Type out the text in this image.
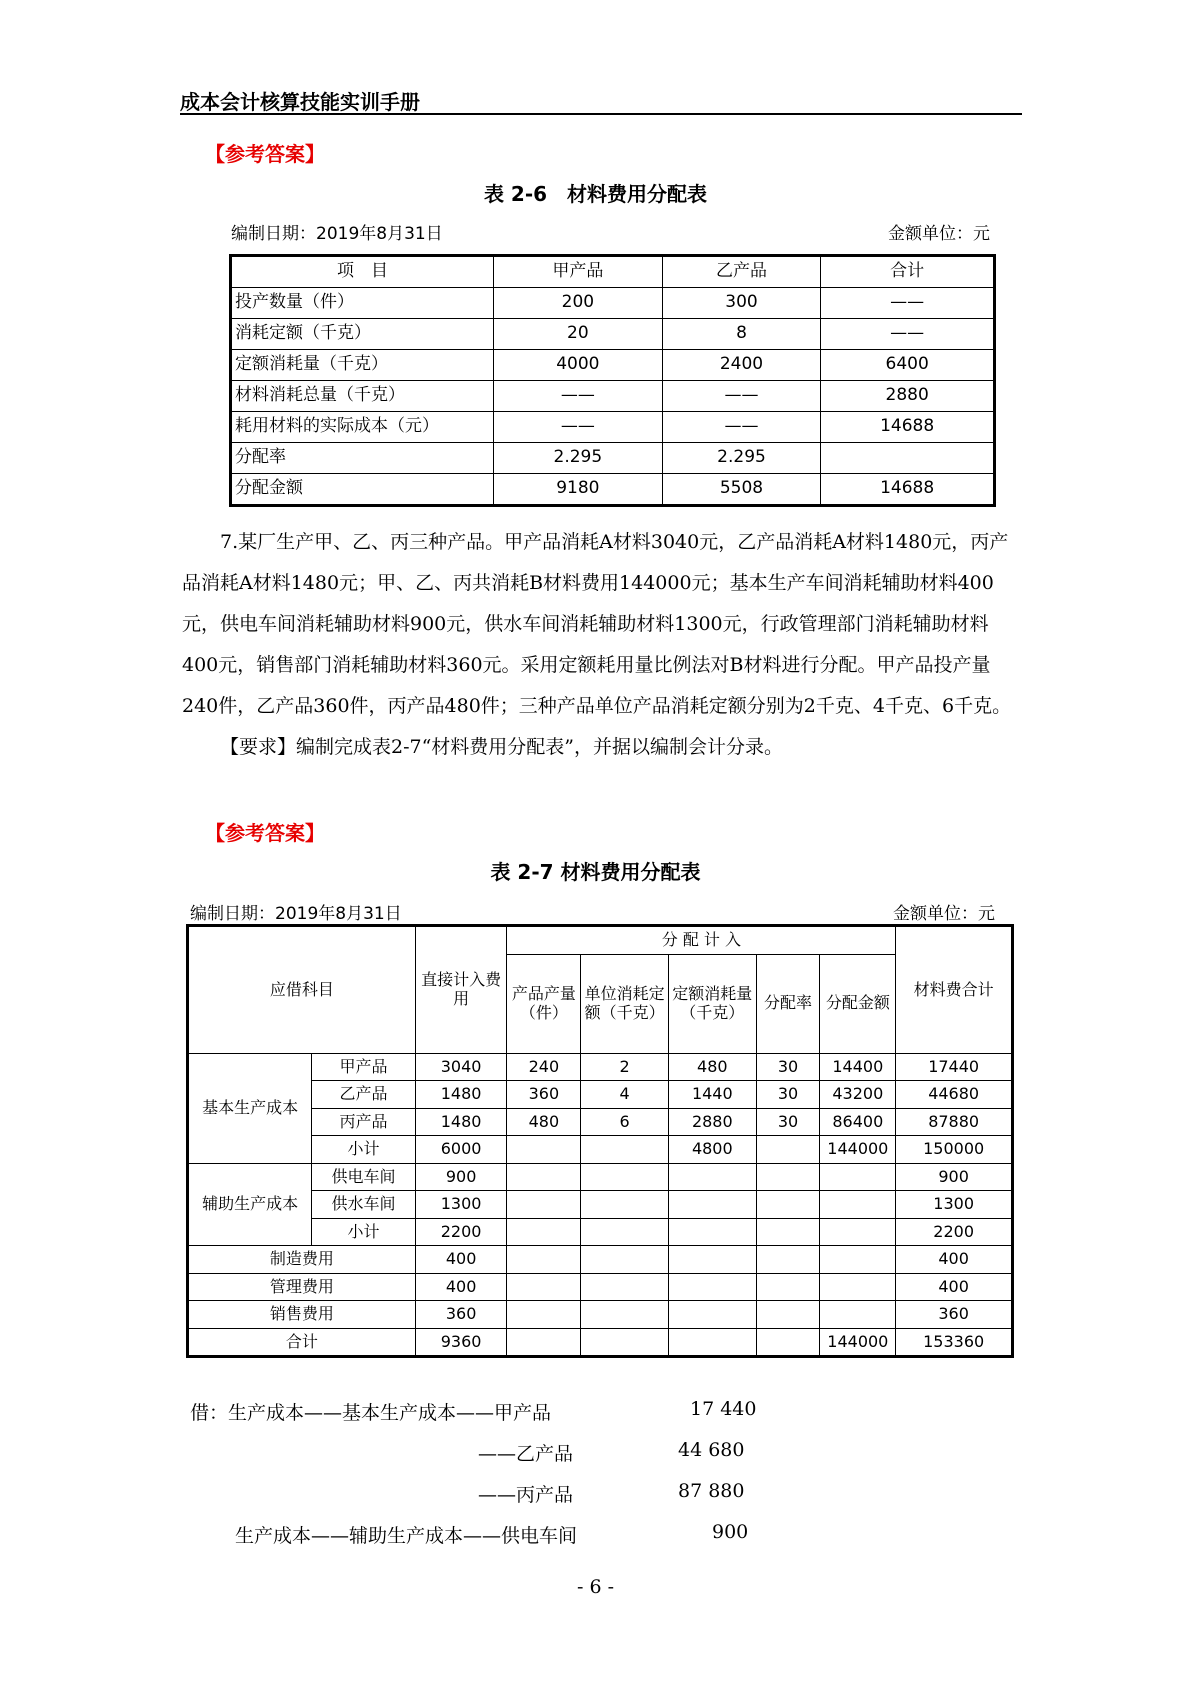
成本会计核算技能实训手册
【参考答案】
表 2-6　材料费用分配表
编制日期：2019年8月31日	金额单位：元
项　目	甲产品	乙产品	合计
投产数量（件）	200	300	——
消耗定额（千克）	20	8	——
定额消耗量（千克）	4000	2400	6400
材料消耗总量（千克）	——	——	2880
耗用材料的实际成本（元）	——	——	14688
分配率	2.295	2.295	
分配金额	9180	5508	14688

7.某厂生产甲、乙、丙三种产品。甲产品消耗A材料3040元，乙产品消耗A材料1480元，丙产品消耗A材料1480元；甲、乙、丙共消耗B材料费用144000元；基本生产车间消耗辅助材料400元，供电车间消耗辅助材料900元，供水车间消耗辅助材料1300元，行政管理部门消耗辅助材料400元，销售部门消耗辅助材料360元。采用定额耗用量比例法对B材料进行分配。甲产品投产量240件，乙产品360件，丙产品480件；三种产品单位产品消耗定额分别为2千克、4千克、6千克。

【要求】编制完成表2-7“材料费用分配表”，并据以编制会计分录。

【参考答案】
表 2-7 材料费用分配表
编制日期：2019年8月31日	金额单位：元
应借科目		直接计入费用	分 配 计 入					材料费合计
			产品产量（件）	单位消耗定额（千克）	定额消耗量（千克）	分配率	分配金额	
基本生产成本	甲产品	3040	240	2	480	30	14400	17440
	乙产品	1480	360	4	1440	30	43200	44680
	丙产品	1480	480	6	2880	30	86400	87880
	小计	6000			4800		144000	150000
辅助生产成本	供电车间	900						900
	供水车间	1300						1300
	小计	2200						2200
制造费用		400						400
管理费用		400						400
销售费用		360						360
合计		9360					144000	153360
借：生产成本——基本生产成本——甲产品	17 440
——乙产品	44 680
——丙产品	87 880
生产成本——辅助生产成本——供电车间	900
- 6 -
